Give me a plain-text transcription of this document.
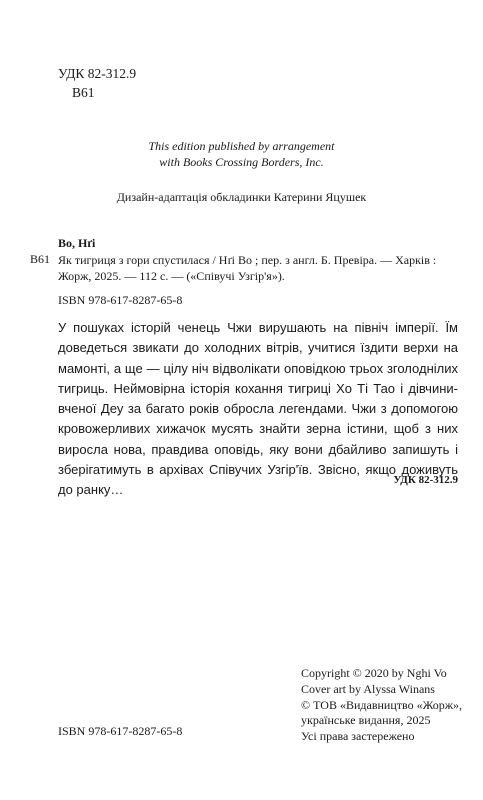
УДК 82-312.9
В61
This edition published by arrangement
with Books Crossing Borders, Inc.
Дизайн-адаптація обкладинки Катерини Яцушек
В61
Во, Нґі
Як тигриця з гори спустилася / Нґі Во ; пер. з англ. Б. Превіра. — Харків : Жорж, 2025. — 112 с. — («Співучі Узгір'я»).
ISBN 978-617-8287-65-8
У пошуках історій ченець Чжи вирушають на північ імперії. Їм доведеться звикати до холодних вітрів, учитися їздити верхи на мамонті, а ще — цілу ніч відволікати оповідкою трьох зголоднілих тигриць. Неймовірна історія кохання тигриці Хо Ті Тао і дівчини-вченої Деу за багато років обросла легендами. Чжи з допомогою кровожерливих хижачок мусять знайти зерна істини, щоб з них виросла нова, правдива оповідь, яку вони дбайливо запишуть і зберігатимуть в архівах Співучих Узгір'їв. Звісно, якщо доживуть до ранку…
УДК 82-312.9
Copyright © 2020 by Nghi Vo
Cover art by Alyssa Winans
© ТОВ «Видавництво «Жорж»,
українське видання, 2025
Усі права застережено
ISBN 978-617-8287-65-8
